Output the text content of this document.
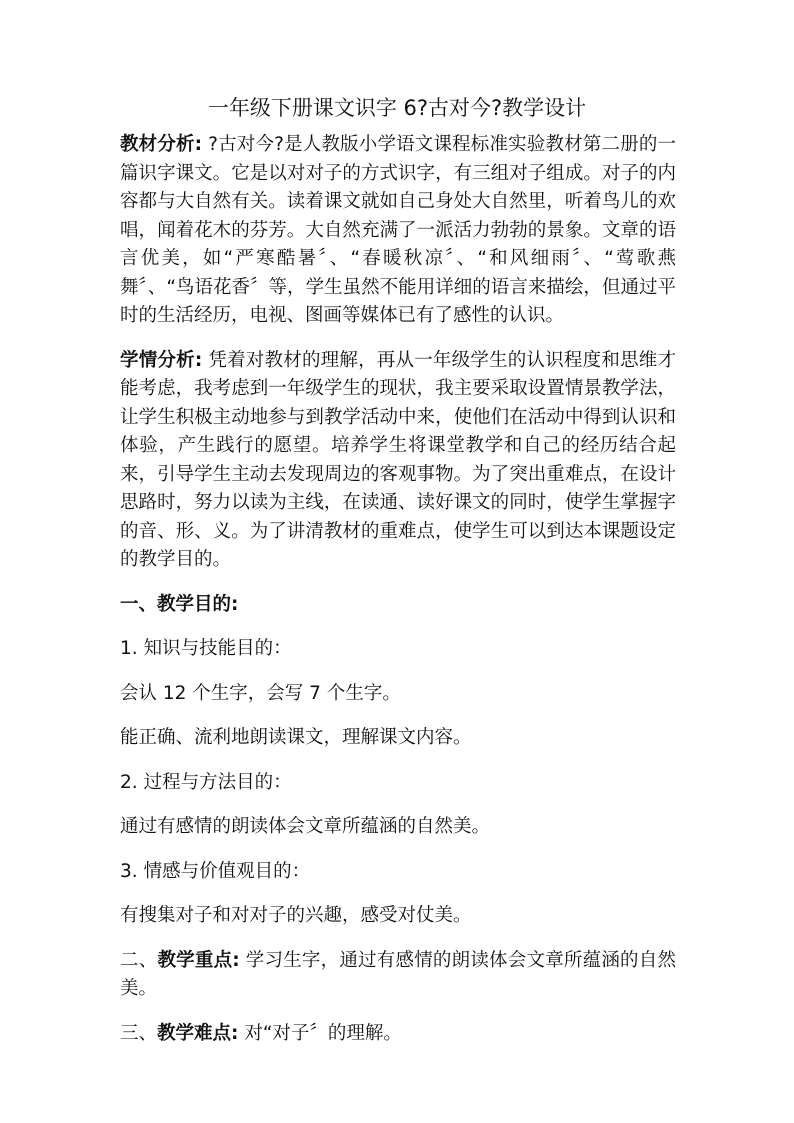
一年级下册课文识字 6?古对今?教学设计

教材分析: ?古对今?是人教版小学语文课程标准实验教材第二册的一篇识字课文。它是以对对子的方式识字，有三组对子组成。对子的内容都与大自然有关。读着课文就如自己身处大自然里，听着鸟儿的欢唱，闻着花木的芬芳。大自然充满了一派活力勃勃的景象。文章的语言优美，如“严寒酷暑〞、“春暖秋凉〞、“和风细雨〞、“莺歌燕舞〞、“鸟语花香〞等，学生虽然不能用详细的语言来描绘，但通过平时的生活经历，电视、图画等媒体已有了感性的认识。

学情分析: 凭着对教材的理解，再从一年级学生的认识程度和思维才能考虑，我考虑到一年级学生的现状，我主要采取设置情景教学法，让学生积极主动地参与到教学活动中来，使他们在活动中得到认识和体验，产生践行的愿望。培养学生将课堂教学和自己的经历结合起来，引导学生主动去发现周边的客观事物。为了突出重难点，在设计思路时，努力以读为主线，在读通、读好课文的同时，使学生掌握字的音、形、义。为了讲清教材的重难点，使学生可以到达本课题设定的教学目的。

一、教学目的:

1. 知识与技能目的：

会认 12 个生字，会写 7 个生字。

能正确、流利地朗读课文，理解课文内容。

2. 过程与方法目的：

通过有感情的朗读体会文章所蕴涵的自然美。

3. 情感与价值观目的：

有搜集对子和对对子的兴趣，感受对仗美。

二、教学重点: 学习生字，通过有感情的朗读体会文章所蕴涵的自然美。

三、教学难点: 对“对子〞的理解。
